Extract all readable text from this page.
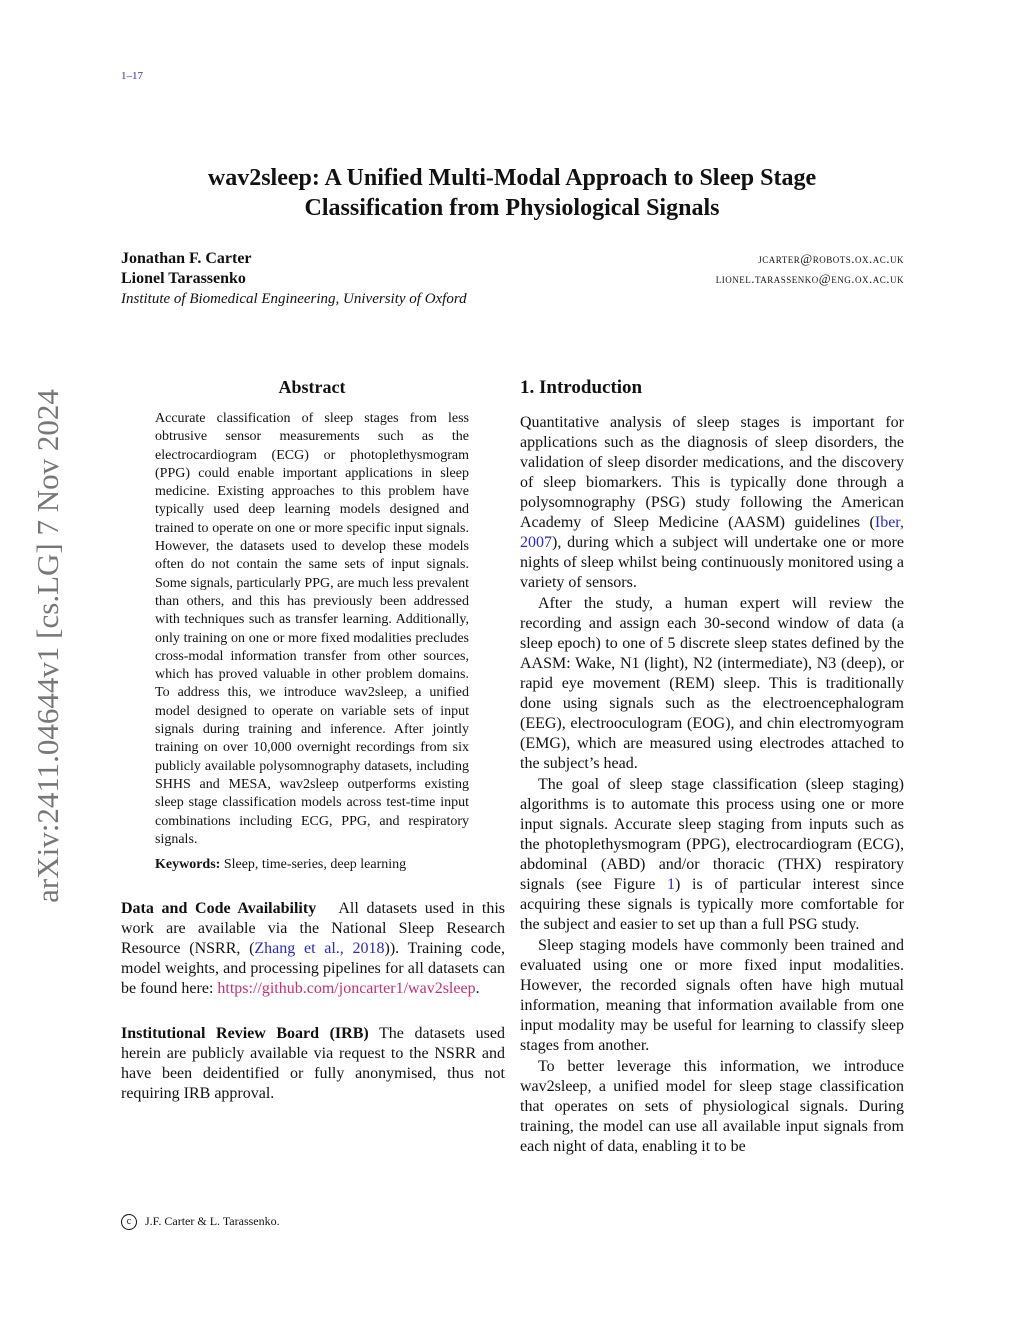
1–17
arXiv:2411.04644v1 [cs.LG] 7 Nov 2024
wav2sleep: A Unified Multi-Modal Approach to Sleep Stage
Classification from Physiological Signals
Jonathan F. Carter	jcarter@robots.ox.ac.uk
Lionel Tarassenko	lionel.tarassenko@eng.ox.ac.uk
Institute of Biomedical Engineering, University of Oxford
Abstract

Accurate classification of sleep stages from less obtrusive sensor measurements such as the electrocardiogram (ECG) or photoplethysmogram (PPG) could enable important applications in sleep medicine. Existing approaches to this problem have typically used deep learning models designed and trained to operate on one or more specific input signals. However, the datasets used to develop these models often do not contain the same sets of input signals. Some signals, particularly PPG, are much less prevalent than others, and this has previously been addressed with techniques such as transfer learning. Additionally, only training on one or more fixed modalities precludes cross-modal information transfer from other sources, which has proved valuable in other problem domains. To address this, we introduce wav2sleep, a unified model designed to operate on variable sets of input signals during training and inference. After jointly training on over 10,000 overnight recordings from six publicly available polysomnography datasets, including SHHS and MESA, wav2sleep outperforms existing sleep stage classification models across test-time input combinations including ECG, PPG, and respiratory signals.

Keywords: Sleep, time-series, deep learning

Data and Code Availability All datasets used in this work are available via the National Sleep Research Resource (NSRR, (Zhang et al., 2018)). Training code, model weights, and processing pipelines for all datasets can be found here: https://github.com/joncarter1/wav2sleep.

Institutional Review Board (IRB) The datasets used herein are publicly available via request to the NSRR and have been deidentified or fully anonymised, thus not requiring IRB approval.

1. Introduction

Quantitative analysis of sleep stages is important for applications such as the diagnosis of sleep disorders, the validation of sleep disorder medications, and the discovery of sleep biomarkers. This is typically done through a polysomnography (PSG) study following the American Academy of Sleep Medicine (AASM) guidelines (Iber, 2007), during which a subject will undertake one or more nights of sleep whilst being continuously monitored using a variety of sensors.

After the study, a human expert will review the recording and assign each 30-second window of data (a sleep epoch) to one of 5 discrete sleep states defined by the AASM: Wake, N1 (light), N2 (intermediate), N3 (deep), or rapid eye movement (REM) sleep. This is traditionally done using signals such as the electroencephalogram (EEG), electrooculogram (EOG), and chin electromyogram (EMG), which are measured using electrodes attached to the subject’s head.

The goal of sleep stage classification (sleep staging) algorithms is to automate this process using one or more input signals. Accurate sleep staging from inputs such as the photoplethysmogram (PPG), electrocardiogram (ECG), abdominal (ABD) and/or thoracic (THX) respiratory signals (see Figure 1) is of particular interest since acquiring these signals is typically more comfortable for the subject and easier to set up than a full PSG study.

Sleep staging models have commonly been trained and evaluated using one or more fixed input modalities. However, the recorded signals often have high mutual information, meaning that information available from one input modality may be useful for learning to classify sleep stages from another.

To better leverage this information, we introduce wav2sleep, a unified model for sleep stage classification that operates on sets of physiological signals. During training, the model can use all available input signals from each night of data, enabling it to be

c J.F. Carter & L. Tarassenko.
